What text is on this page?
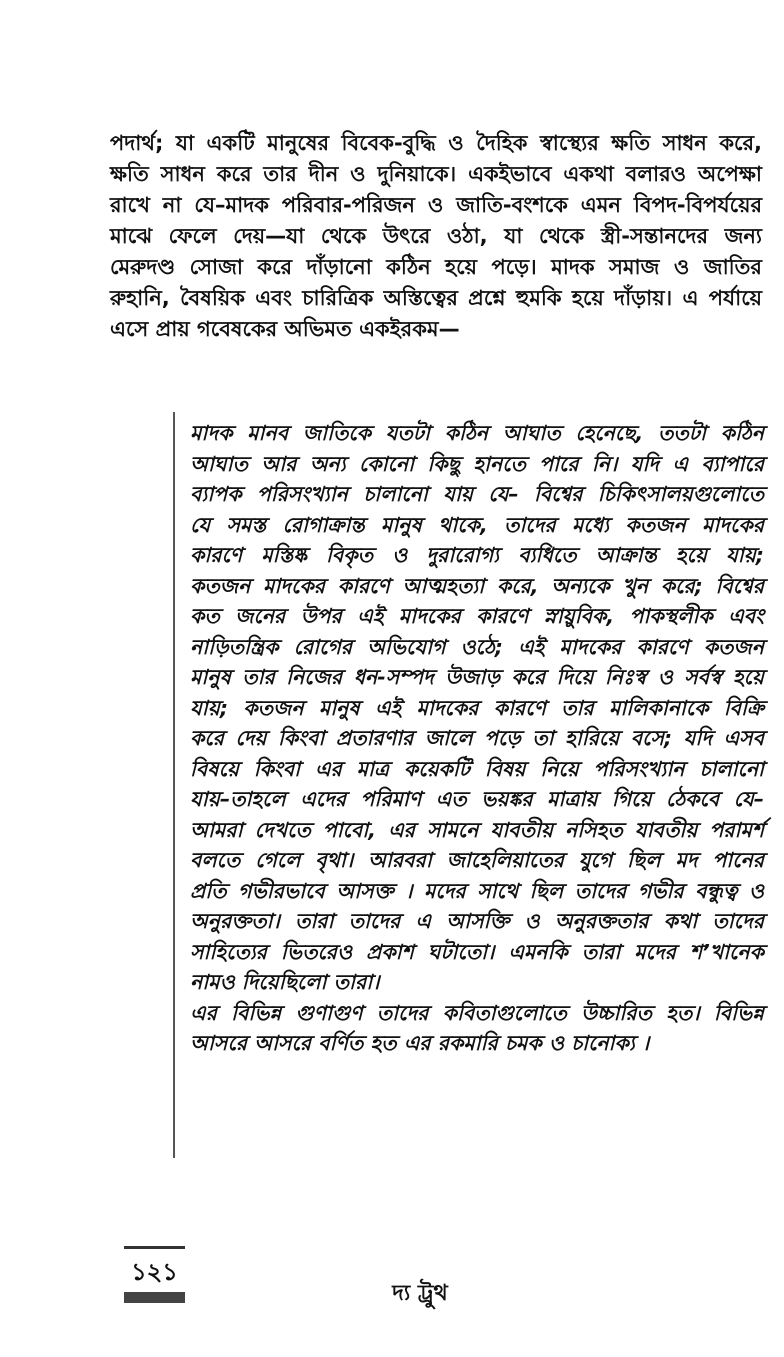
পদার্থ; যা একটি মানুষের বিবেক-বুদ্ধি ও দৈহিক স্বাস্থ্যের ক্ষতি সাধন করে,
ক্ষতি সাধন করে তার দীন ও দুনিয়াকে। একইভাবে একথা বলারও অপেক্ষা
রাখে না যে–মাদক পরিবার-পরিজন ও জাতি-বংশকে এমন বিপদ-বিপর্যয়ের
মাঝে ফেলে দেয়—যা থেকে উৎরে ওঠা, যা থেকে স্ত্রী-সন্তানদের জন্য
মেরুদণ্ড সোজা করে দাঁড়ানো কঠিন হয়ে পড়ে। মাদক সমাজ ও জাতির
রুহানি, বৈষয়িক এবং চারিত্রিক অস্তিত্বের প্রশ্নে হুমকি হয়ে দাঁড়ায়। এ পর্যায়ে
এসে প্রায় গবেষকের অভিমত একইরকম—
মাদক মানব জাতিকে যতটা কঠিন আঘাত হেনেছে, ততটা কঠিন
আঘাত আর অন্য কোনো কিছু হানতে পারে নি। যদি এ ব্যাপারে
ব্যাপক পরিসংখ্যান চালানো যায় যে– বিশ্বের চিকিৎসালয়গুলোতে
যে সমস্ত রোগাক্রান্ত মানুষ থাকে, তাদের মধ্যে কতজন মাদকের
কারণে মস্তিষ্ক বিকৃত ও দুরারোগ্য ব্যধিতে আক্রান্ত হয়ে যায়;
কতজন মাদকের কারণে আত্মহত্যা করে, অন্যকে খুন করে; বিশ্বের
কত জনের উপর এই মাদকের কারণে স্নায়ুবিক, পাকস্থলীক এবং
নাড়িতন্ত্রিক রোগের অভিযোগ ওঠে; এই মাদকের কারণে কতজন
মানুষ তার নিজের ধন-সম্পদ উজাড় করে দিয়ে নিঃস্ব ও সর্বস্ব হয়ে
যায়; কতজন মানুষ এই মাদকের কারণে তার মালিকানাকে বিক্রি
করে দেয় কিংবা প্রতারণার জালে পড়ে তা হারিয়ে বসে; যদি এসব
বিষয়ে কিংবা এর মাত্র কয়েকটি বিষয় নিয়ে পরিসংখ্যান চালানো
যায়–তাহলে এদের পরিমাণ এত ভয়ঙ্কর মাত্রায় গিয়ে ঠেকবে যে–
আমরা দেখতে পাবো, এর সামনে যাবতীয় নসিহত যাবতীয় পরামর্শ
বলতে গেলে বৃথা। আরবরা জাহেলিয়াতের যুগে ছিল মদ পানের
প্রতি গভীরভাবে আসক্ত । মদের সাথে ছিল তাদের গভীর বন্ধুত্ব ও
অনুরক্ততা। তারা তাদের এ আসক্তি ও অনুরক্ততার কথা তাদের
সাহিত্যের ভিতরেও প্রকাশ ঘটাতো। এমনকি তারা মদের শ’খানেক
নামও দিয়েছিলো তারা।
এর বিভিন্ন গুণাগুণ তাদের কবিতাগুলোতে উচ্চারিত হত। বিভিন্ন
আসরে আসরে বর্ণিত হত এর রকমারি চমক ও চানোক্য ।
১২১
দ্য ট্রুথ
